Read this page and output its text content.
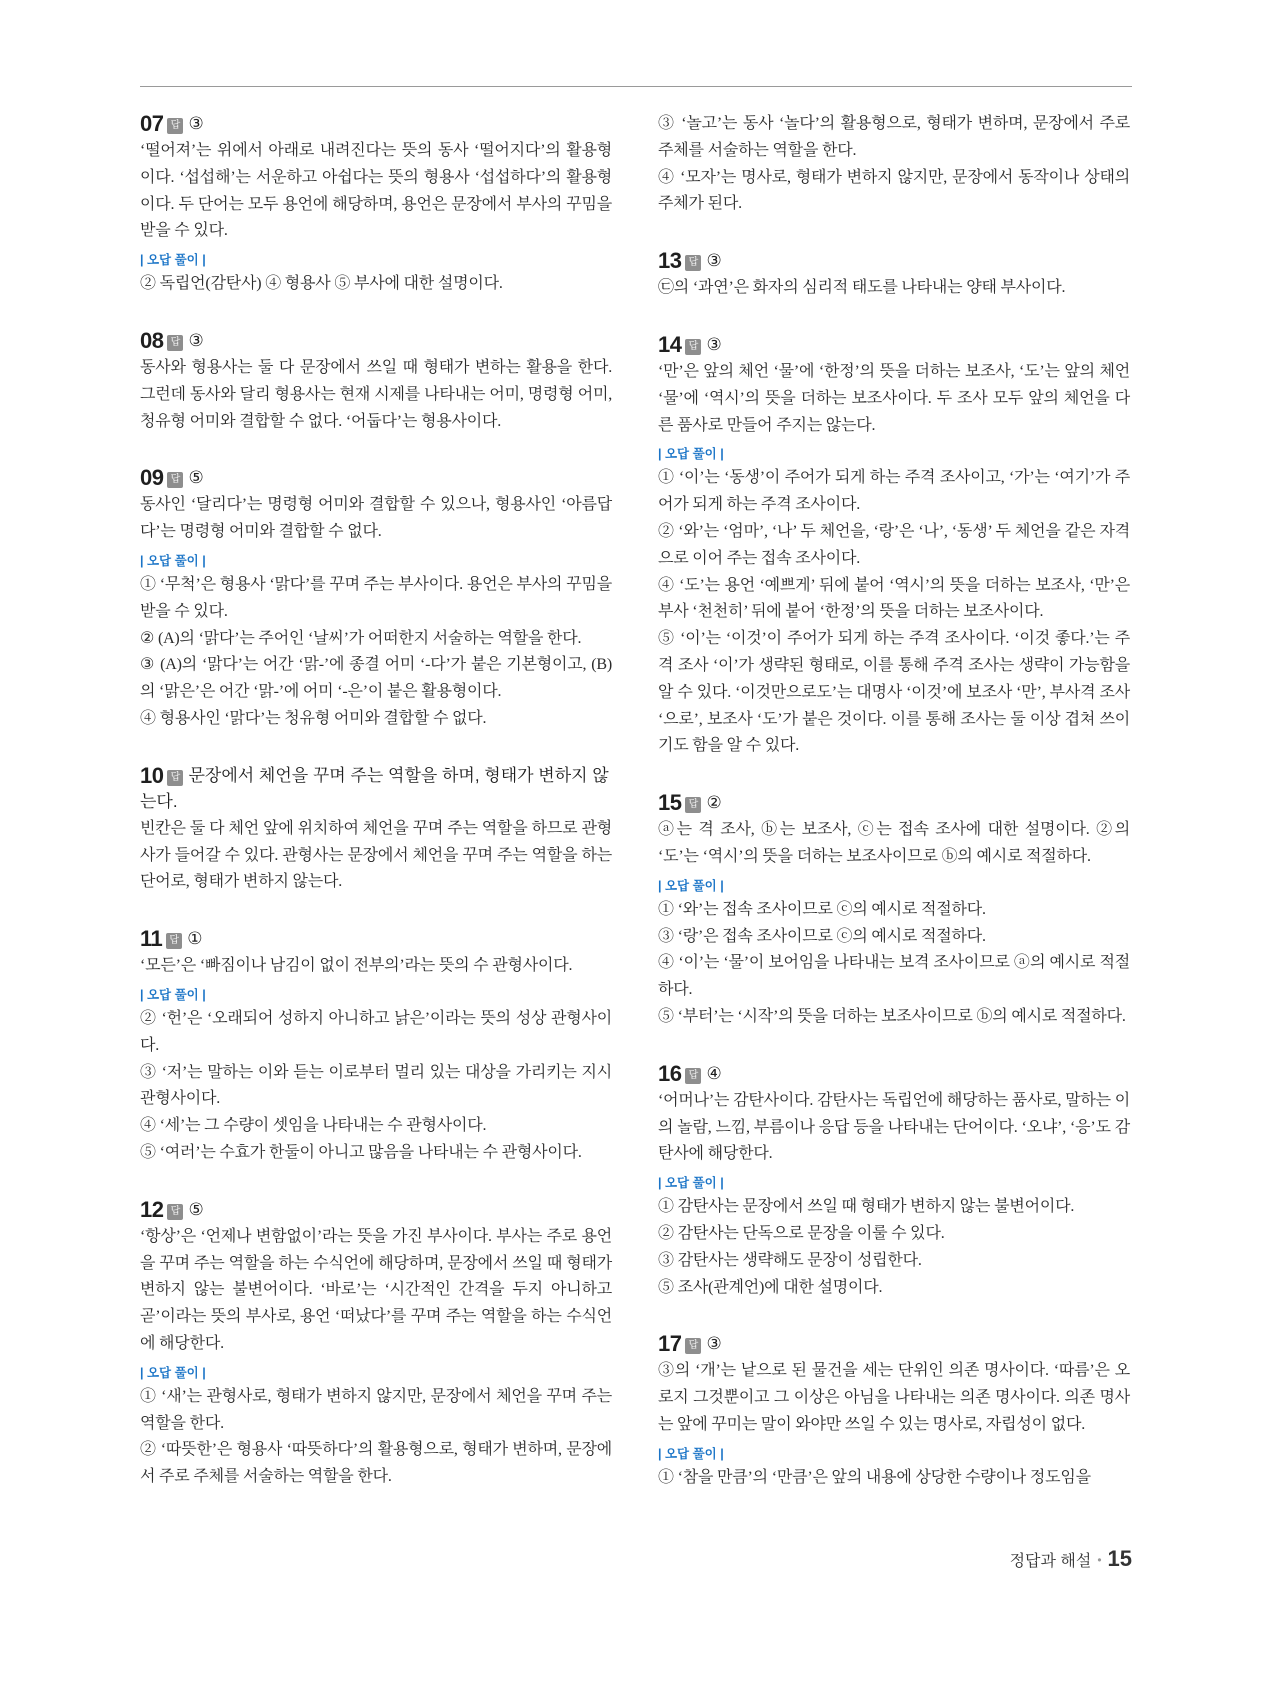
07 답 ③

‘떨어져’는 위에서 아래로 내려진다는 뜻의 동사 ‘떨어지다’의 활용형이다. ‘섭섭해’는 서운하고 아쉽다는 뜻의 형용사 ‘섭섭하다’의 활용형이다. 두 단어는 모두 용언에 해당하며, 용언은 문장에서 부사의 꾸밈을 받을 수 있다.

| 오답 풀이 |

② 독립언(감탄사) ④ 형용사 ⑤ 부사에 대한 설명이다.

08 답 ③

동사와 형용사는 둘 다 문장에서 쓰일 때 형태가 변하는 활용을 한다. 그런데 동사와 달리 형용사는 현재 시제를 나타내는 어미, 명령형 어미, 청유형 어미와 결합할 수 없다. ‘어둡다’는 형용사이다.

09 답 ⑤

동사인 ‘달리다’는 명령형 어미와 결합할 수 있으나, 형용사인 ‘아름답다’는 명령형 어미와 결합할 수 없다.

| 오답 풀이 |

① ‘무척’은 형용사 ‘맑다’를 꾸며 주는 부사이다. 용언은 부사의 꾸밈을 받을 수 있다.

② (A)의 ‘맑다’는 주어인 ‘날씨’가 어떠한지 서술하는 역할을 한다.

③ (A)의 ‘맑다’는 어간 ‘맑-’에 종결 어미 ‘-다’가 붙은 기본형이고, (B)의 ‘맑은’은 어간 ‘맑-’에 어미 ‘-은’이 붙은 활용형이다.

④ 형용사인 ‘맑다’는 청유형 어미와 결합할 수 없다.

10 답 문장에서 체언을 꾸며 주는 역할을 하며, 형태가 변하지 않는다.

빈칸은 둘 다 체언 앞에 위치하여 체언을 꾸며 주는 역할을 하므로 관형사가 들어갈 수 있다. 관형사는 문장에서 체언을 꾸며 주는 역할을 하는 단어로, 형태가 변하지 않는다.

11 답 ①

‘모든’은 ‘빠짐이나 남김이 없이 전부의’라는 뜻의 수 관형사이다.

| 오답 풀이 |

② ‘헌’은 ‘오래되어 성하지 아니하고 낡은’이라는 뜻의 성상 관형사이다.

③ ‘저’는 말하는 이와 듣는 이로부터 멀리 있는 대상을 가리키는 지시 관형사이다.

④ ‘세’는 그 수량이 셋임을 나타내는 수 관형사이다.

⑤ ‘여러’는 수효가 한둘이 아니고 많음을 나타내는 수 관형사이다.

12 답 ⑤

‘항상’은 ‘언제나 변함없이’라는 뜻을 가진 부사이다. 부사는 주로 용언을 꾸며 주는 역할을 하는 수식언에 해당하며, 문장에서 쓰일 때 형태가 변하지 않는 불변어이다. ‘바로’는 ‘시간적인 간격을 두지 아니하고 곧’이라는 뜻의 부사로, 용언 ‘떠났다’를 꾸며 주는 역할을 하는 수식언에 해당한다.

| 오답 풀이 |

① ‘새’는 관형사로, 형태가 변하지 않지만, 문장에서 체언을 꾸며 주는 역할을 한다.

② ‘따뜻한’은 형용사 ‘따뜻하다’의 활용형으로, 형태가 변하며, 문장에서 주로 주체를 서술하는 역할을 한다.

③ ‘놀고’는 동사 ‘놀다’의 활용형으로, 형태가 변하며, 문장에서 주로 주체를 서술하는 역할을 한다.

④ ‘모자’는 명사로, 형태가 변하지 않지만, 문장에서 동작이나 상태의 주체가 된다.

13 답 ③

㉢의 ‘과연’은 화자의 심리적 태도를 나타내는 양태 부사이다.

14 답 ③

‘만’은 앞의 체언 ‘물’에 ‘한정’의 뜻을 더하는 보조사, ‘도’는 앞의 체언 ‘물’에 ‘역시’의 뜻을 더하는 보조사이다. 두 조사 모두 앞의 체언을 다른 품사로 만들어 주지는 않는다.

| 오답 풀이 |

① ‘이’는 ‘동생’이 주어가 되게 하는 주격 조사이고, ‘가’는 ‘여기’가 주어가 되게 하는 주격 조사이다.

② ‘와’는 ‘엄마’, ‘나’ 두 체언을, ‘랑’은 ‘나’, ‘동생’ 두 체언을 같은 자격으로 이어 주는 접속 조사이다.

④ ‘도’는 용언 ‘예쁘게’ 뒤에 붙어 ‘역시’의 뜻을 더하는 보조사, ‘만’은 부사 ‘천천히’ 뒤에 붙어 ‘한정’의 뜻을 더하는 보조사이다.

⑤ ‘이’는 ‘이것’이 주어가 되게 하는 주격 조사이다. ‘이것 좋다.’는 주격 조사 ‘이’가 생략된 형태로, 이를 통해 주격 조사는 생략이 가능함을 알 수 있다. ‘이것만으로도’는 대명사 ‘이것’에 보조사 ‘만’, 부사격 조사 ‘으로’, 보조사 ‘도’가 붙은 것이다. 이를 통해 조사는 둘 이상 겹쳐 쓰이기도 함을 알 수 있다.

15 답 ②

ⓐ는 격 조사, ⓑ는 보조사, ⓒ는 접속 조사에 대한 설명이다. ②의 ‘도’는 ‘역시’의 뜻을 더하는 보조사이므로 ⓑ의 예시로 적절하다.

| 오답 풀이 |

① ‘와’는 접속 조사이므로 ⓒ의 예시로 적절하다.

③ ‘랑’은 접속 조사이므로 ⓒ의 예시로 적절하다.

④ ‘이’는 ‘물’이 보어임을 나타내는 보격 조사이므로 ⓐ의 예시로 적절하다.

⑤ ‘부터’는 ‘시작’의 뜻을 더하는 보조사이므로 ⓑ의 예시로 적절하다.

16 답 ④

‘어머나’는 감탄사이다. 감탄사는 독립언에 해당하는 품사로, 말하는 이의 놀람, 느낌, 부름이나 응답 등을 나타내는 단어이다. ‘오냐’, ‘응’도 감탄사에 해당한다.

| 오답 풀이 |

① 감탄사는 문장에서 쓰일 때 형태가 변하지 않는 불변어이다.

② 감탄사는 단독으로 문장을 이룰 수 있다.

③ 감탄사는 생략해도 문장이 성립한다.

⑤ 조사(관계언)에 대한 설명이다.

17 답 ③

③의 ‘개’는 낱으로 된 물건을 세는 단위인 의존 명사이다. ‘따름’은 오로지 그것뿐이고 그 이상은 아님을 나타내는 의존 명사이다. 의존 명사는 앞에 꾸미는 말이 와야만 쓰일 수 있는 명사로, 자립성이 없다.

| 오답 풀이 |

① ‘참을 만큼’의 ‘만큼’은 앞의 내용에 상당한 수량이나 정도임을

정답과 해설 • 15
